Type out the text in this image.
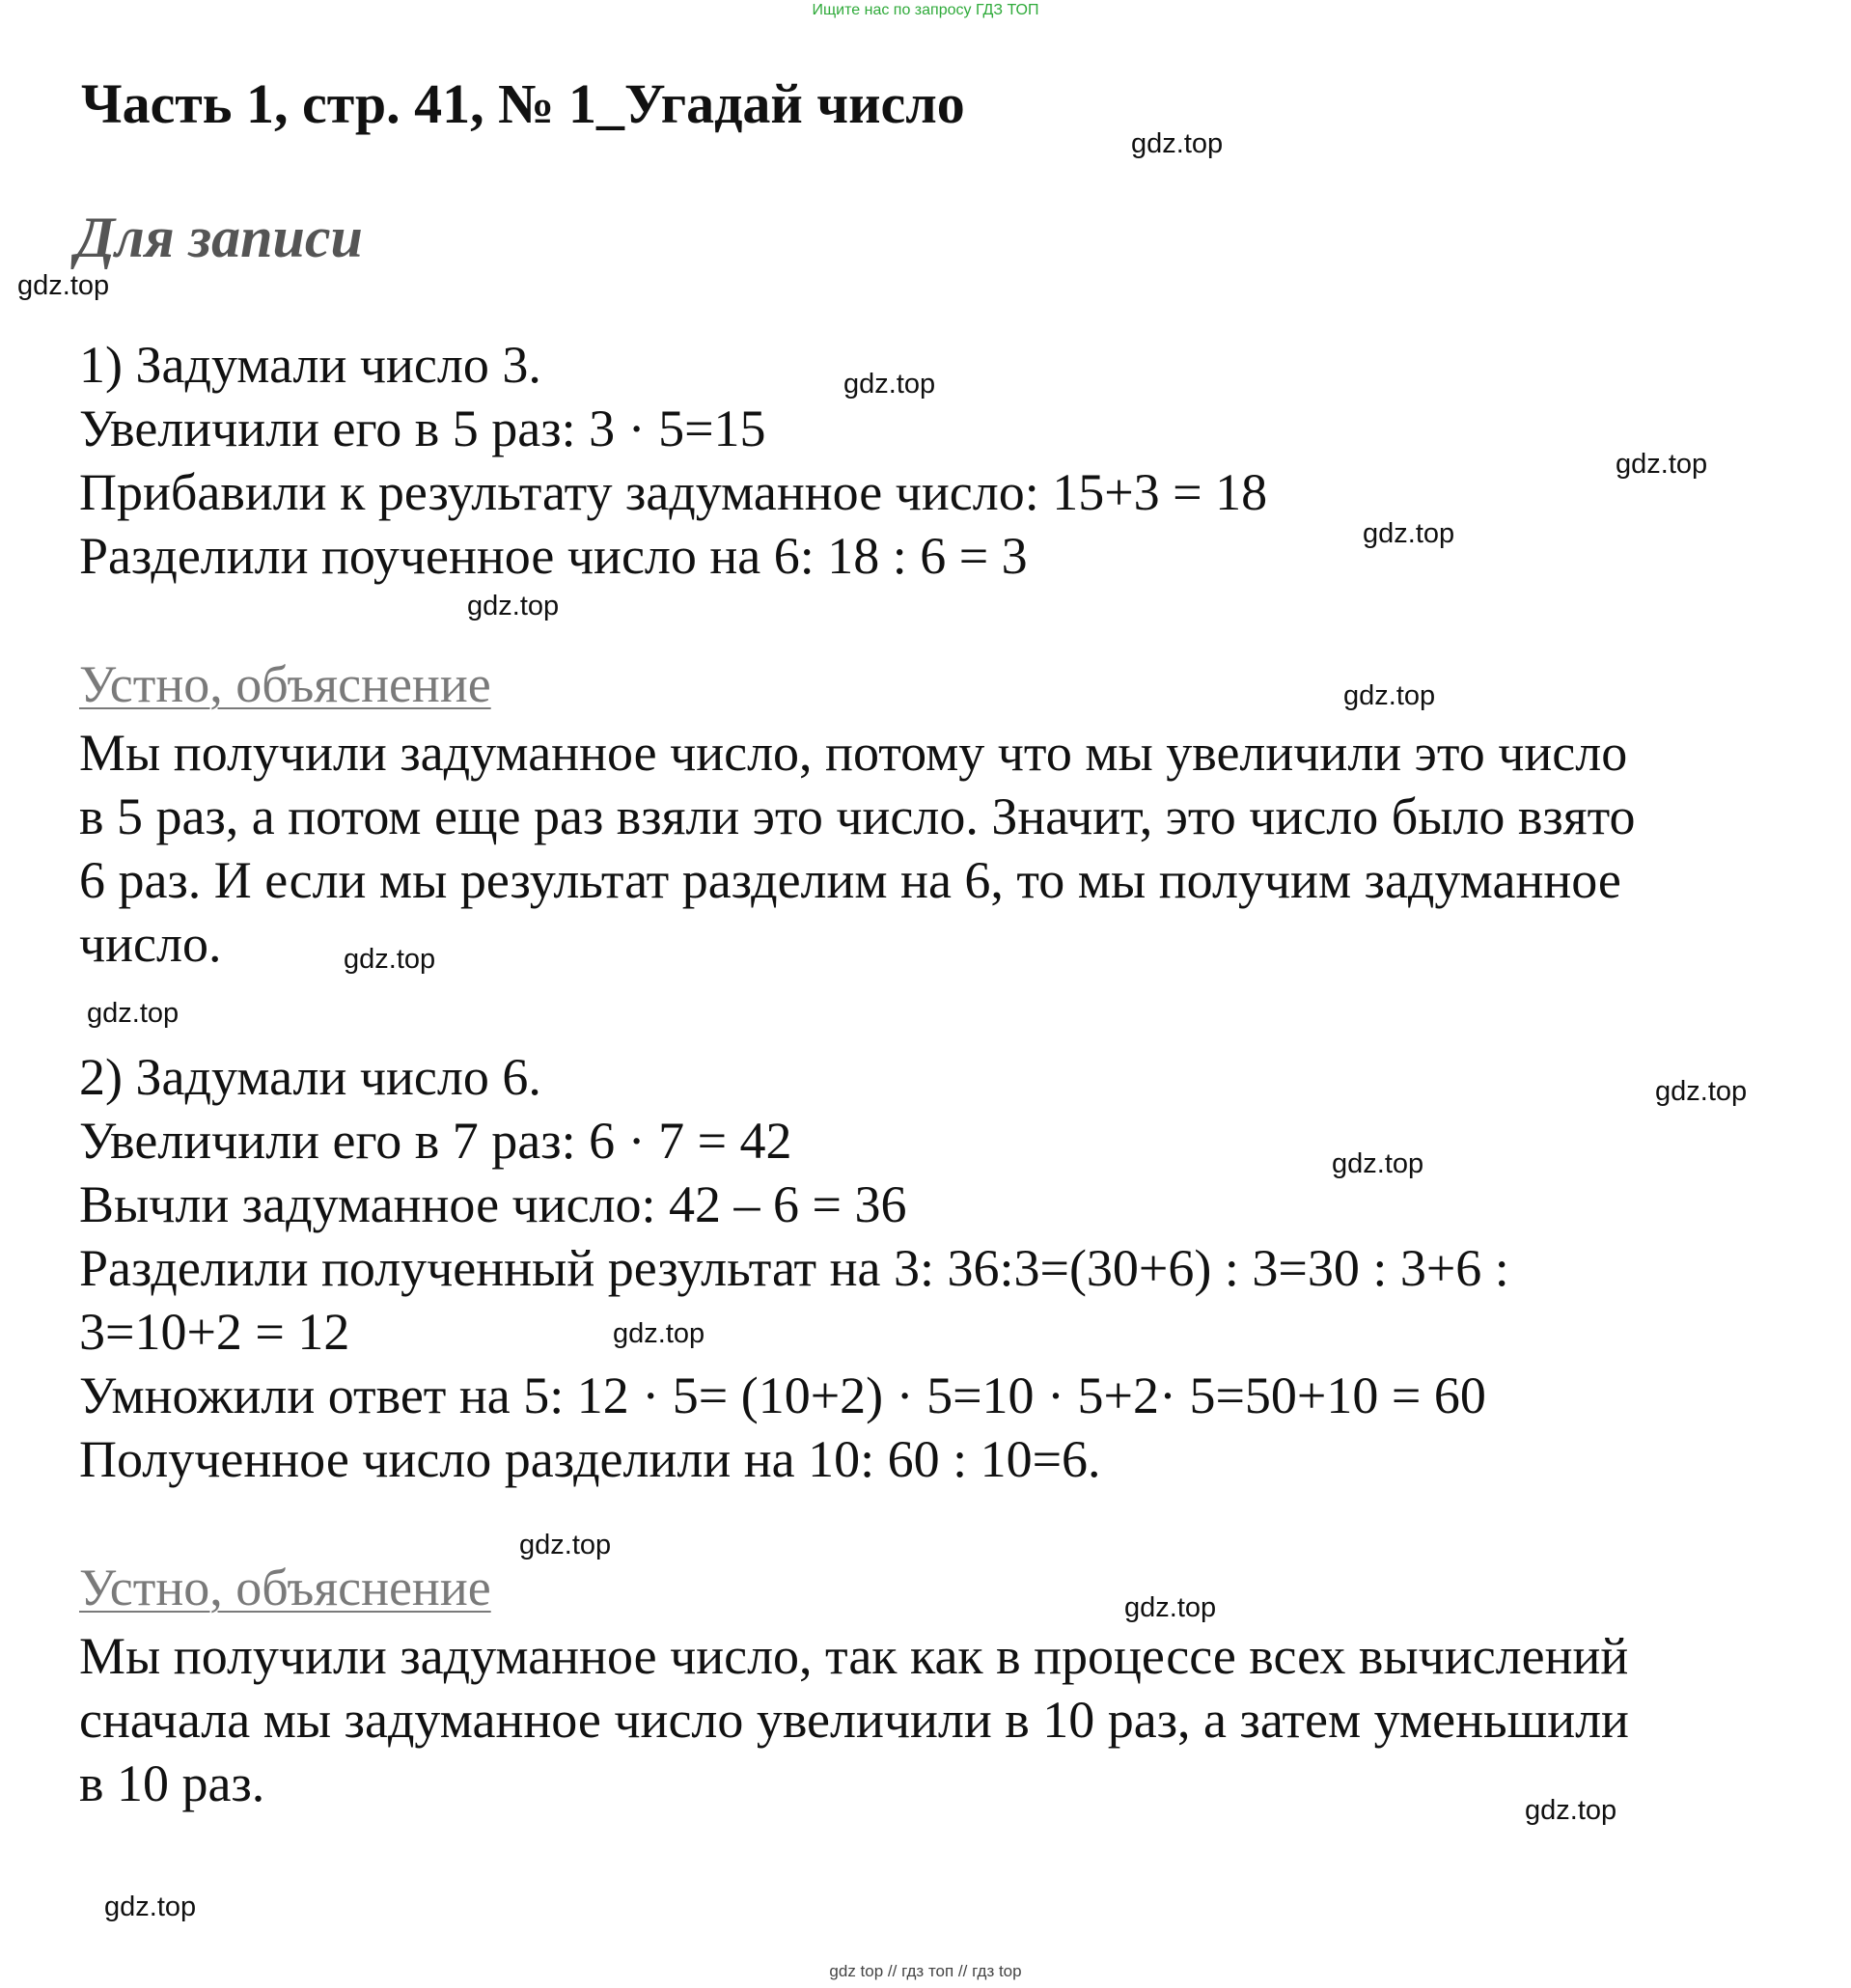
Ищите нас по запросу ГДЗ ТОП
Часть 1, стр. 41, № 1_Угадай число
Для записи
1) Задумали число 3.
Увеличили его в 5 раз: 3 · 5=15
Прибавили к результату задуманное число: 15+3 = 18
Разделили поученное число на 6: 18 : 6 = 3
Устно, объяснение
Мы получили задуманное число, потому что мы увеличили это число
в 5 раз, а потом еще раз взяли это число. Значит, это число было взято
6 раз. И если мы результат разделим на 6, то мы получим задуманное
число.
2) Задумали число 6.
Увеличили его в 7 раз: 6 · 7 = 42
Вычли задуманное число: 42 – 6 = 36
Разделили полученный результат на 3: 36:3=(30+6) : 3=30 : 3+6 :
3=10+2 = 12
Умножили ответ на 5: 12 · 5= (10+2) · 5=10 · 5+2· 5=50+10 = 60
Полученное число разделили на 10: 60 : 10=6.
Устно, объяснение
Мы получили задуманное число, так как в процессе всех вычислений
сначала мы задуманное число увеличили в 10 раз, а затем уменьшили
в 10 раз.
gdz.top
gdz.top
gdz.top
gdz.top
gdz.top
gdz.top
gdz.top
gdz.top
gdz.top
gdz.top
gdz.top
gdz.top
gdz.top
gdz.top
gdz.top
gdz.top
gdz top // гдз топ // гдз top
